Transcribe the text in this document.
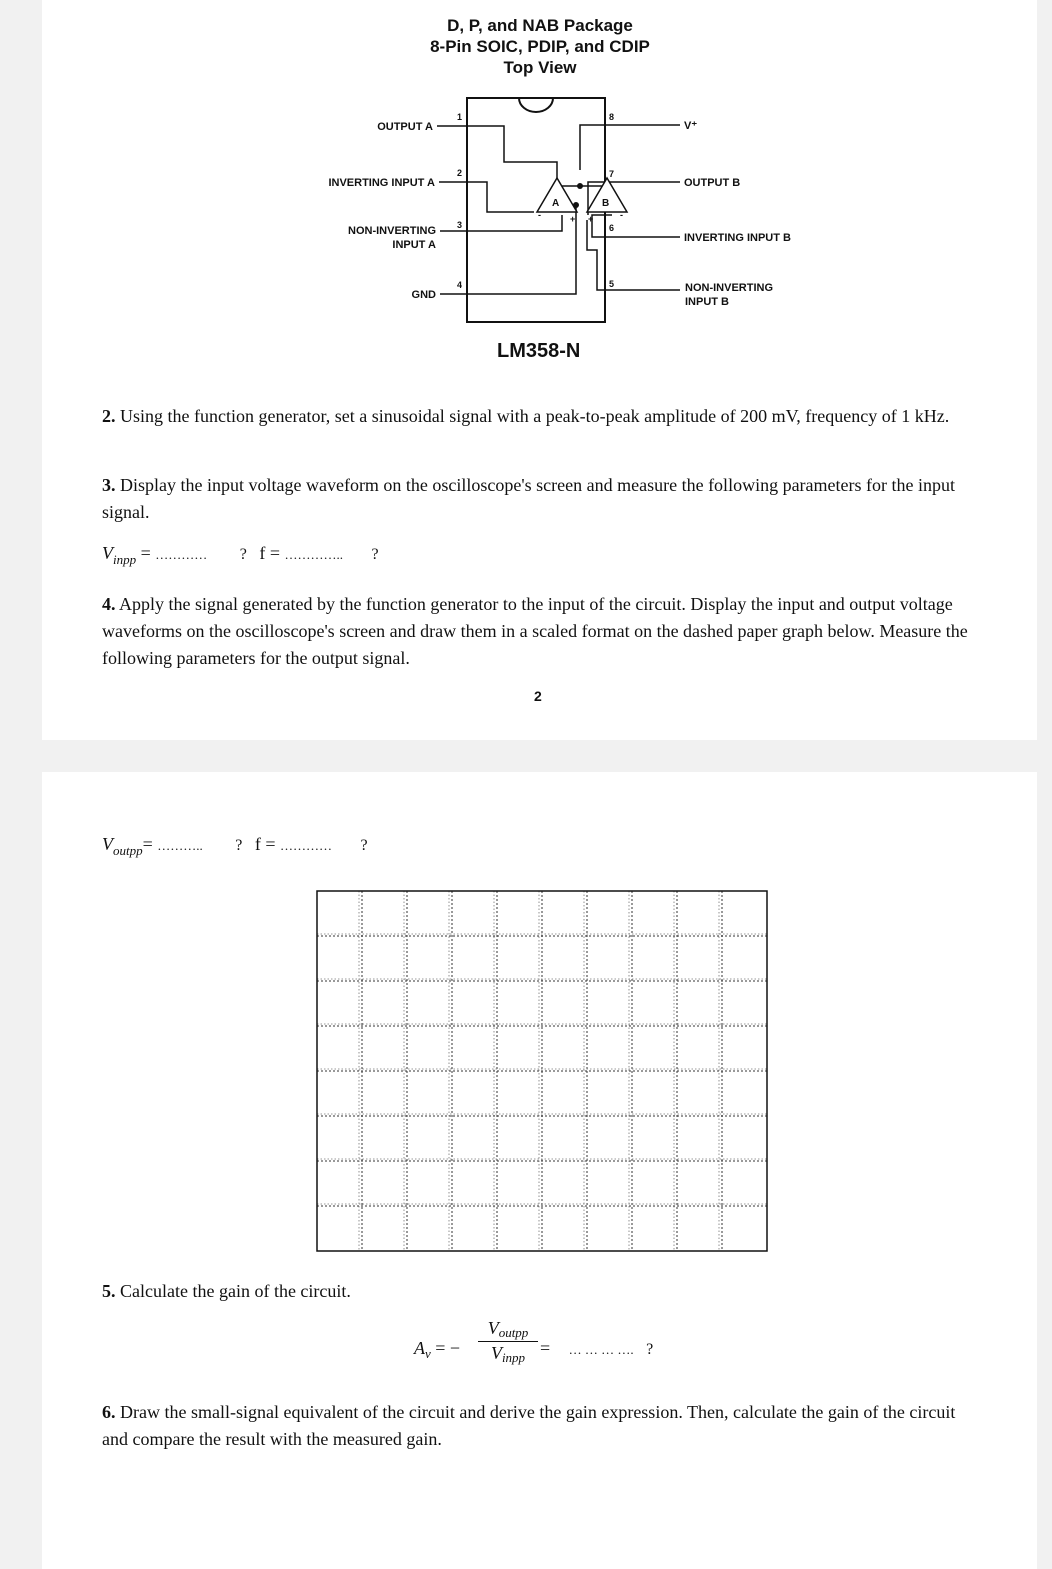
D, P, and NAB Package
8-Pin SOIC, PDIP, and CDIP
Top View
1
2
3
4
8
7
6
5
OUTPUT A
INVERTING INPUT A
NON-INVERTING
INPUT A
GND
V⁺
OUTPUT B
INVERTING INPUT B
NON-INVERTING
INPUT B
A
-	+
B
+	-
LM358-N
2. Using the function generator, set a sinusoidal signal with a peak-to-peak amplitude of 200 mV, frequency of 1 kHz.
3. Display the input voltage waveform on the oscilloscope's screen and measure the following parameters for the input signal.
$V_{inpp}$ = ………… ? f = ………….. ?
4. Apply the signal generated by the function generator to the input of the circuit. Display the input and output voltage waveforms on the oscilloscope's screen and draw them in a scaled format on the dashed paper graph below. Measure the following parameters for the output signal.
2
$V_{outpp}=$ ……….. ? f = ………… ?
5. Calculate the gain of the circuit.
$A_v$ = −
Voutpp
Vinpp = … … … …. ?
6. Draw the small-signal equivalent of the circuit and derive the gain expression. Then, calculate the gain of the circuit and compare the result with the measured gain.
